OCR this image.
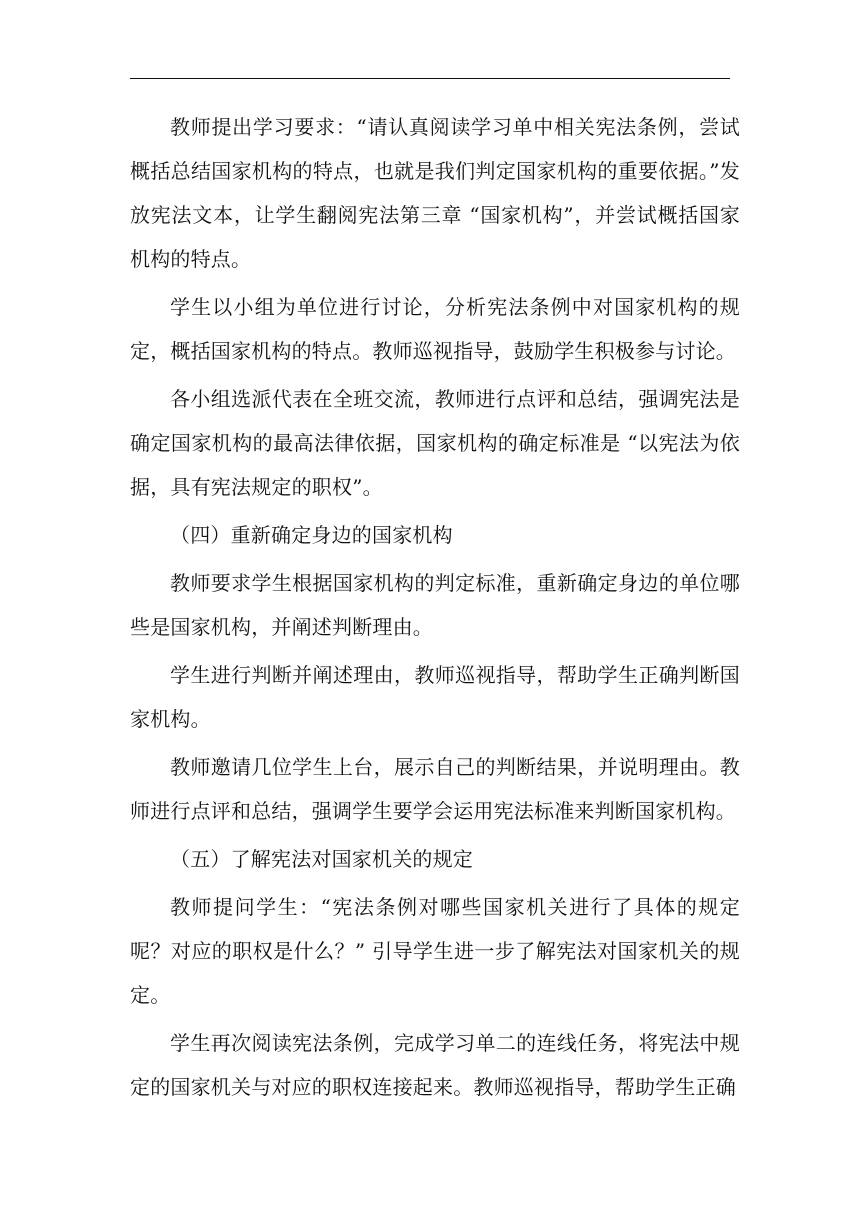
教师提出学习要求：“请认真阅读学习单中相关宪法条例，尝试概括总结国家机构的特点，也就是我们判定国家机构的重要依据。”发放宪法文本，让学生翻阅宪法第三章 “国家机构”，并尝试概括国家机构的特点。

学生以小组为单位进行讨论，分析宪法条例中对国家机构的规定，概括国家机构的特点。教师巡视指导，鼓励学生积极参与讨论。

各小组选派代表在全班交流，教师进行点评和总结，强调宪法是确定国家机构的最高法律依据，国家机构的确定标准是 “以宪法为依据，具有宪法规定的职权”。

（四）重新确定身边的国家机构

教师要求学生根据国家机构的判定标准，重新确定身边的单位哪些是国家机构，并阐述判断理由。

学生进行判断并阐述理由，教师巡视指导，帮助学生正确判断国家机构。

教师邀请几位学生上台，展示自己的判断结果，并说明理由。教师进行点评和总结，强调学生要学会运用宪法标准来判断国家机构。

（五）了解宪法对国家机关的规定

教师提问学生：“宪法条例对哪些国家机关进行了具体的规定呢？对应的职权是什么？” 引导学生进一步了解宪法对国家机关的规定。

学生再次阅读宪法条例，完成学习单二的连线任务，将宪法中规定的国家机关与对应的职权连接起来。教师巡视指导，帮助学生正确
